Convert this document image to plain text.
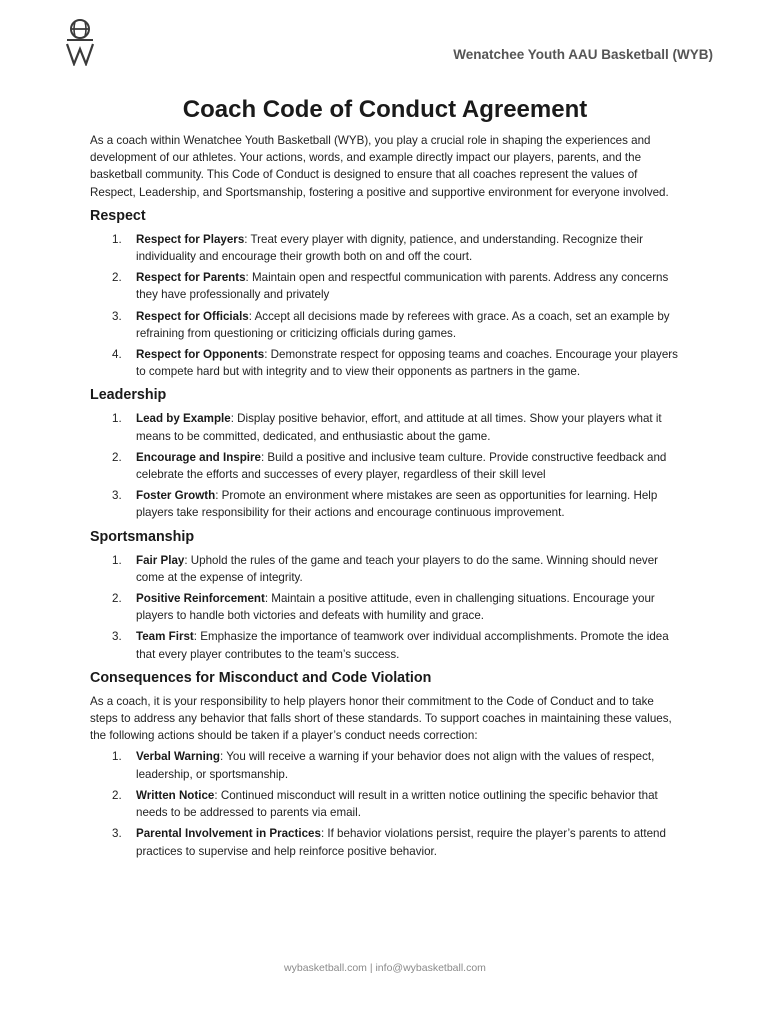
Wenatchee Youth AAU Basketball (WYB)

Coach Code of Conduct Agreement

As a coach within Wenatchee Youth Basketball (WYB), you play a crucial role in shaping the experiences and development of our athletes. Your actions, words, and example directly impact our players, parents, and the basketball community. This Code of Conduct is designed to ensure that all coaches represent the values of Respect, Leadership, and Sportsmanship, fostering a positive and supportive environment for everyone involved.

Respect
1. Respect for Players: Treat every player with dignity, patience, and understanding. Recognize their individuality and encourage their growth both on and off the court.
2. Respect for Parents: Maintain open and respectful communication with parents. Address any concerns they have professionally and privately
3. Respect for Officials: Accept all decisions made by referees with grace. As a coach, set an example by refraining from questioning or criticizing officials during games.
4. Respect for Opponents: Demonstrate respect for opposing teams and coaches. Encourage your players to compete hard but with integrity and to view their opponents as partners in the game.
Leadership
1. Lead by Example: Display positive behavior, effort, and attitude at all times. Show your players what it means to be committed, dedicated, and enthusiastic about the game.
2. Encourage and Inspire: Build a positive and inclusive team culture. Provide constructive feedback and celebrate the efforts and successes of every player, regardless of their skill level
3. Foster Growth: Promote an environment where mistakes are seen as opportunities for learning. Help players take responsibility for their actions and encourage continuous improvement.
Sportsmanship
1. Fair Play: Uphold the rules of the game and teach your players to do the same. Winning should never come at the expense of integrity.
2. Positive Reinforcement: Maintain a positive attitude, even in challenging situations. Encourage your players to handle both victories and defeats with humility and grace.
3. Team First: Emphasize the importance of teamwork over individual accomplishments. Promote the idea that every player contributes to the team’s success.
Consequences for Misconduct and Code Violation

As a coach, it is your responsibility to help players honor their commitment to the Code of Conduct and to take steps to address any behavior that falls short of these standards. To support coaches in maintaining these values, the following actions should be taken if a player’s conduct needs correction:

1. Verbal Warning: You will receive a warning if your behavior does not align with the values of respect, leadership, or sportsmanship.
2. Written Notice: Continued misconduct will result in a written notice outlining the specific behavior that needs to be addressed to parents via email.
3. Parental Involvement in Practices: If behavior violations persist, require the player’s parents to attend practices to supervise and help reinforce positive behavior.
wybasketball.com | info@wybasketball.com
